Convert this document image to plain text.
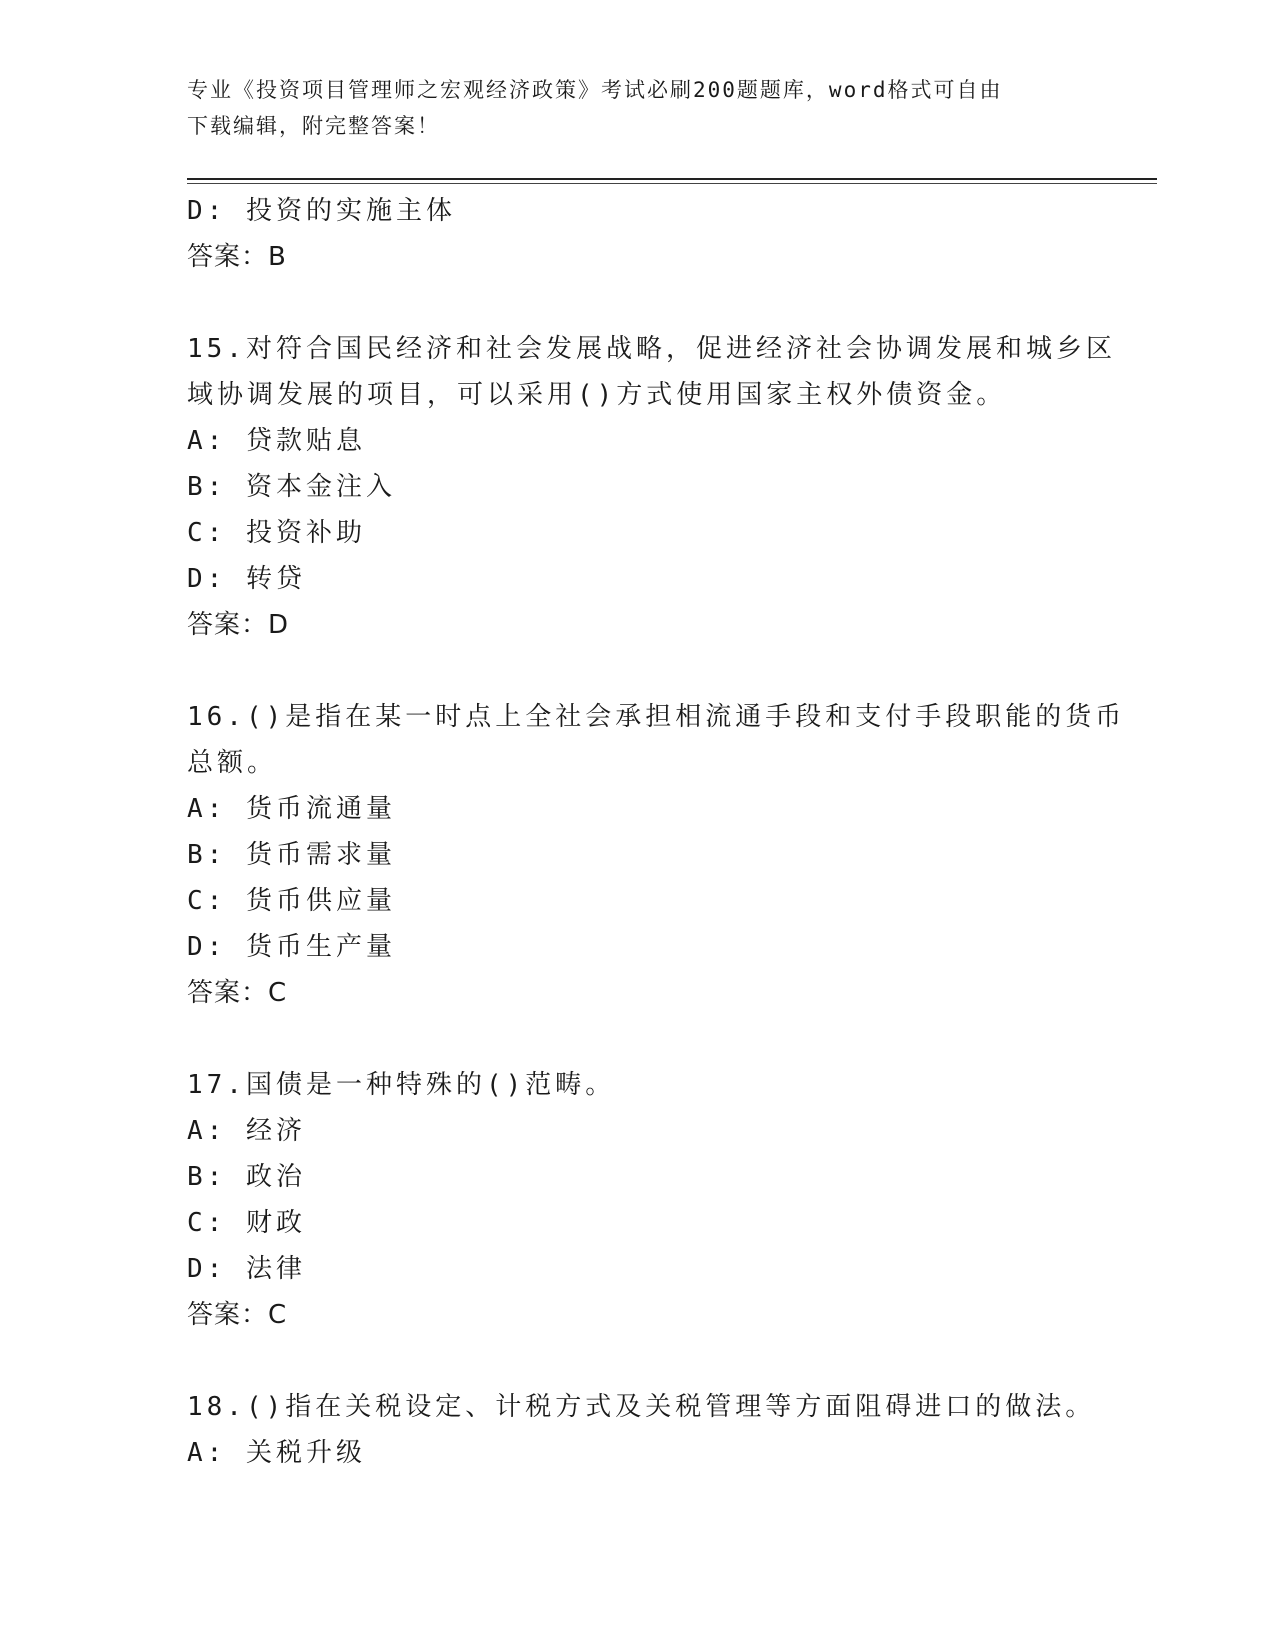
专业《投资项目管理师之宏观经济政策》考试必刷200题题库，word格式可自由
下载编辑，附完整答案！
D: 投资的实施主体
答案：B
15.对符合国民经济和社会发展战略，促进经济社会协调发展和城乡区
域协调发展的项目，可以采用()方式使用国家主权外债资金。
A: 贷款贴息
B: 资本金注入
C: 投资补助
D: 转贷
答案：D
16.()是指在某一时点上全社会承担相流通手段和支付手段职能的货币
总额。
A: 货币流通量
B: 货币需求量
C: 货币供应量
D: 货币生产量
答案：C
17.国债是一种特殊的()范畴。
A: 经济
B: 政治
C: 财政
D: 法律
答案：C
18.()指在关税设定、计税方式及关税管理等方面阻碍进口的做法。
A: 关税升级
